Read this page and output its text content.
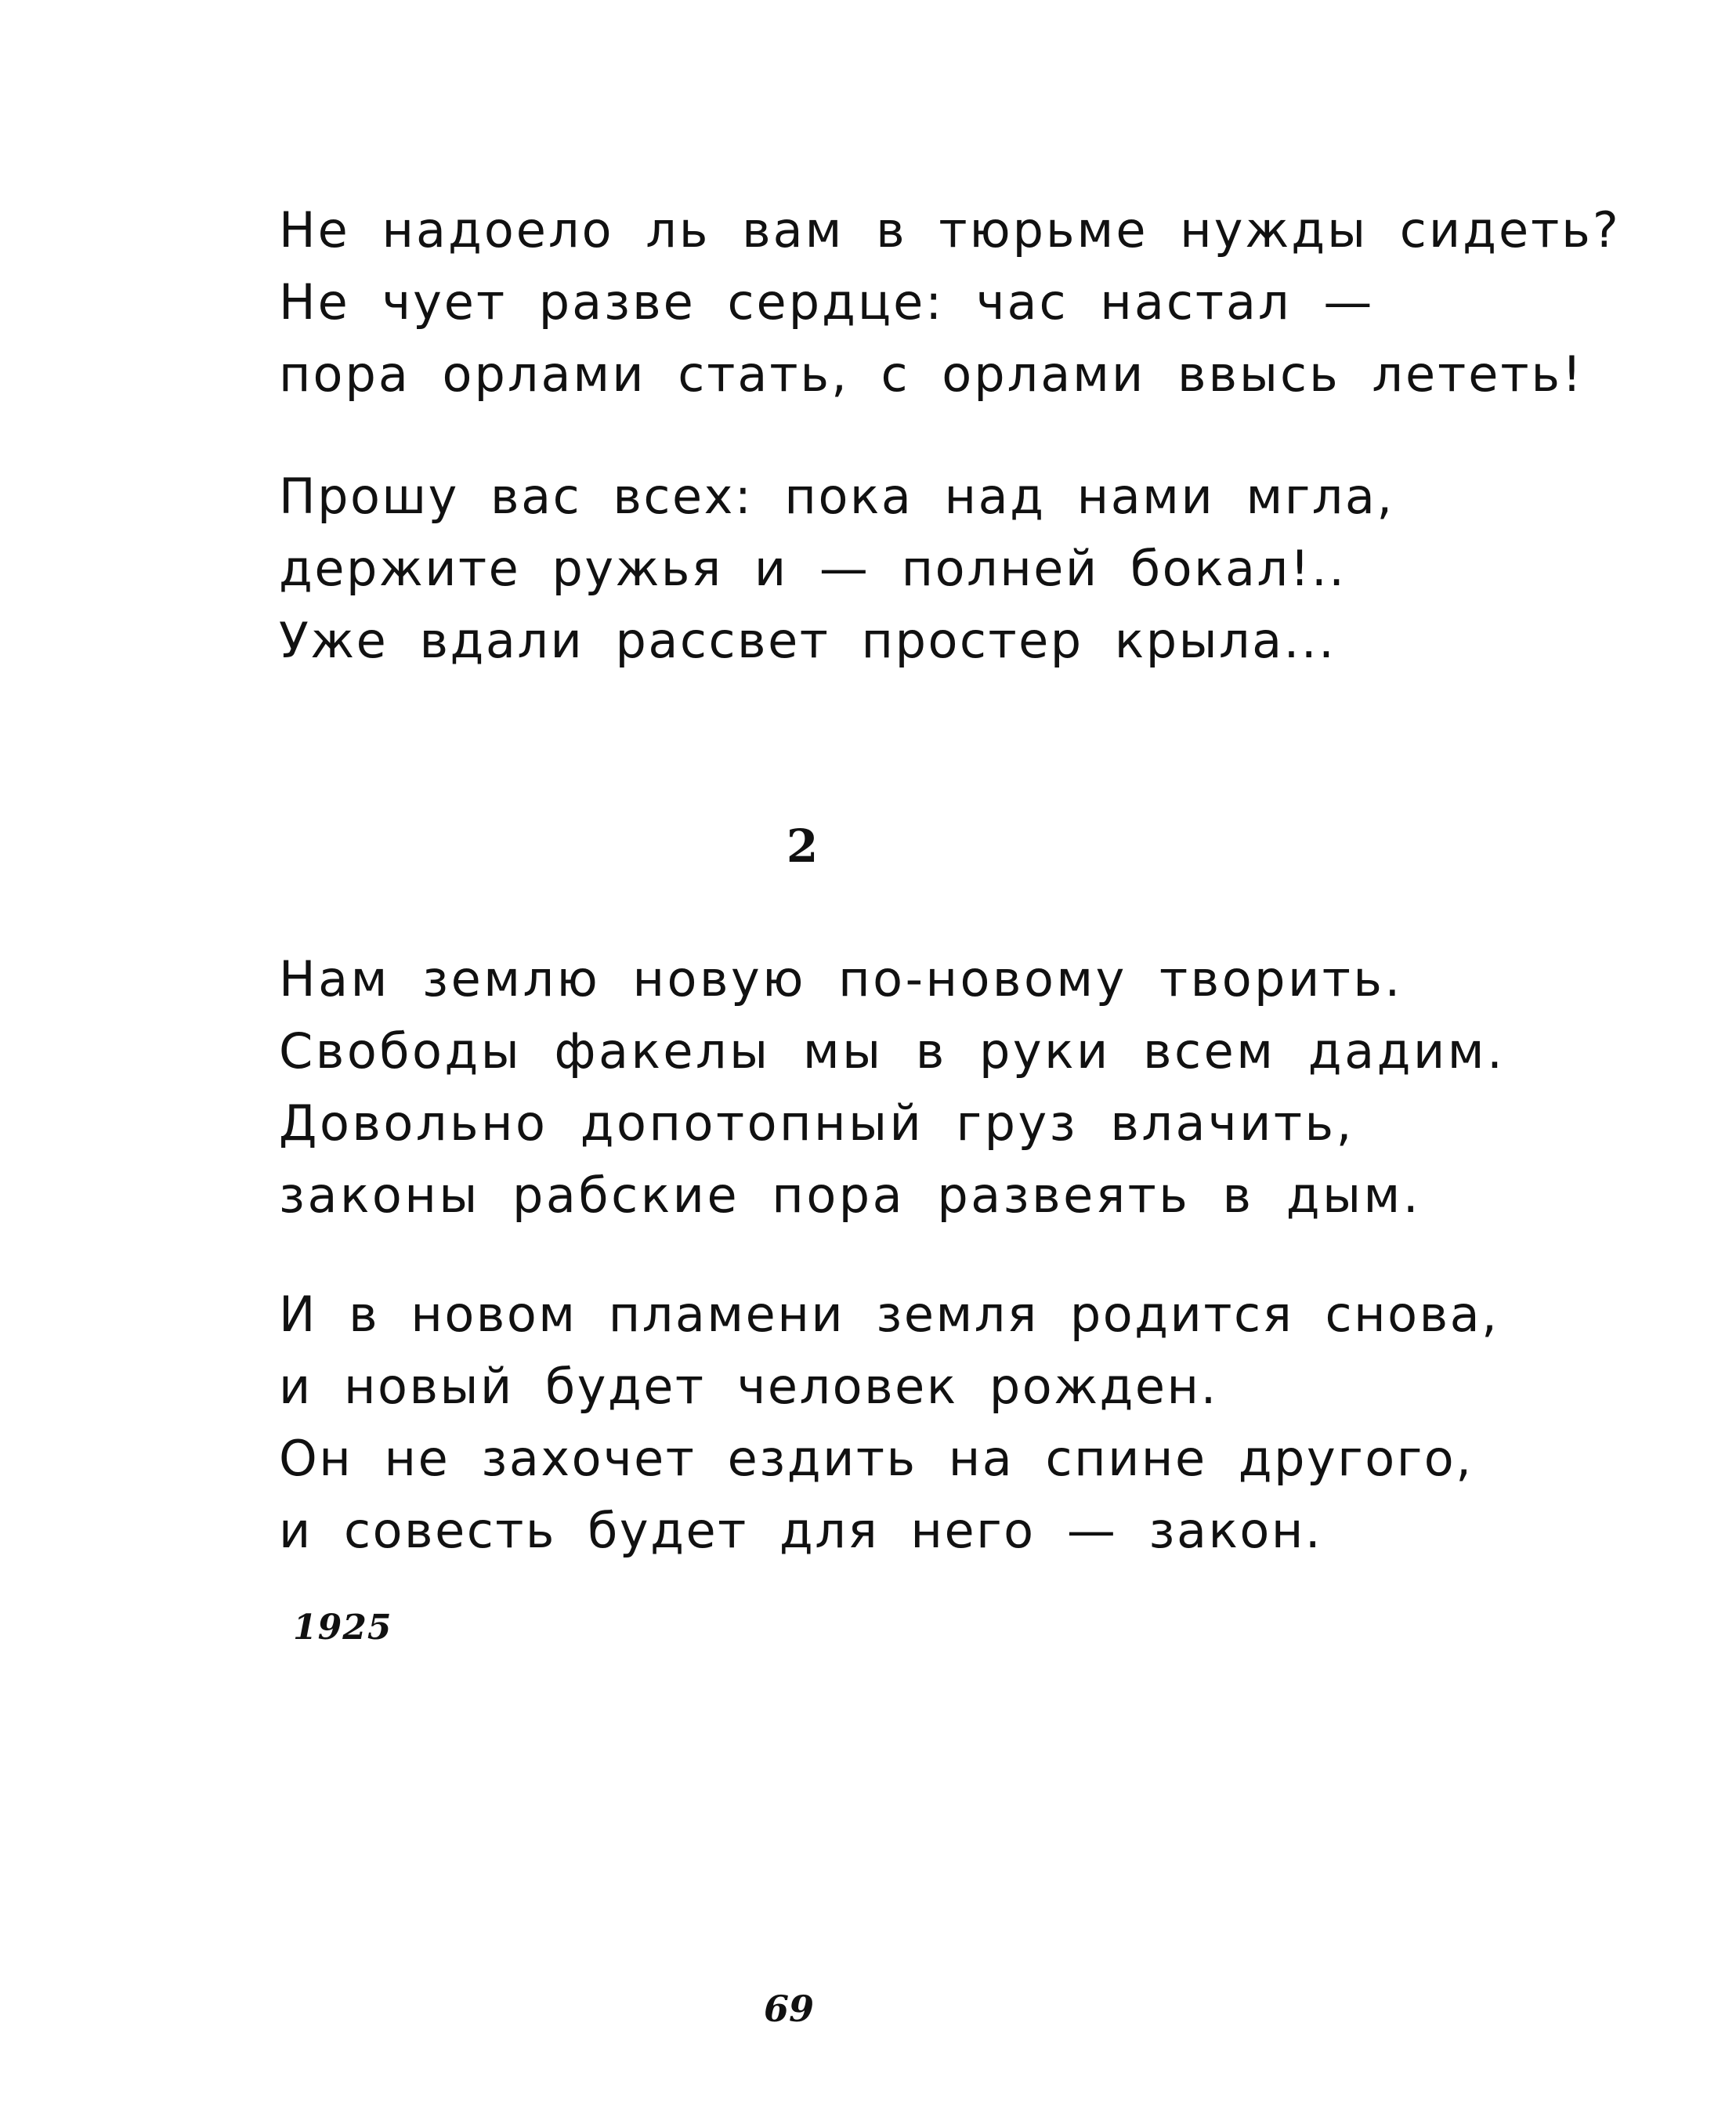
Не надоело ль вам в тюрьме нужды сидеть?
Не чует разве сердце: час настал —
пора орлами стать, с орлами ввысь лететь!
Прошу вас всех: пока над нами мгла,
держите ружья и — полней бокал!..
Уже вдали рассвет простер крыла...
2
Нам землю новую по-новому творить.
Свободы факелы мы в руки всем дадим.
Довольно допотопный груз влачить,
законы рабские пора развеять в дым.
И в новом пламени земля родится снова,
и новый будет человек рожден.
Он не захочет ездить на спине другого,
и совесть будет для него — закон.
1925
69
